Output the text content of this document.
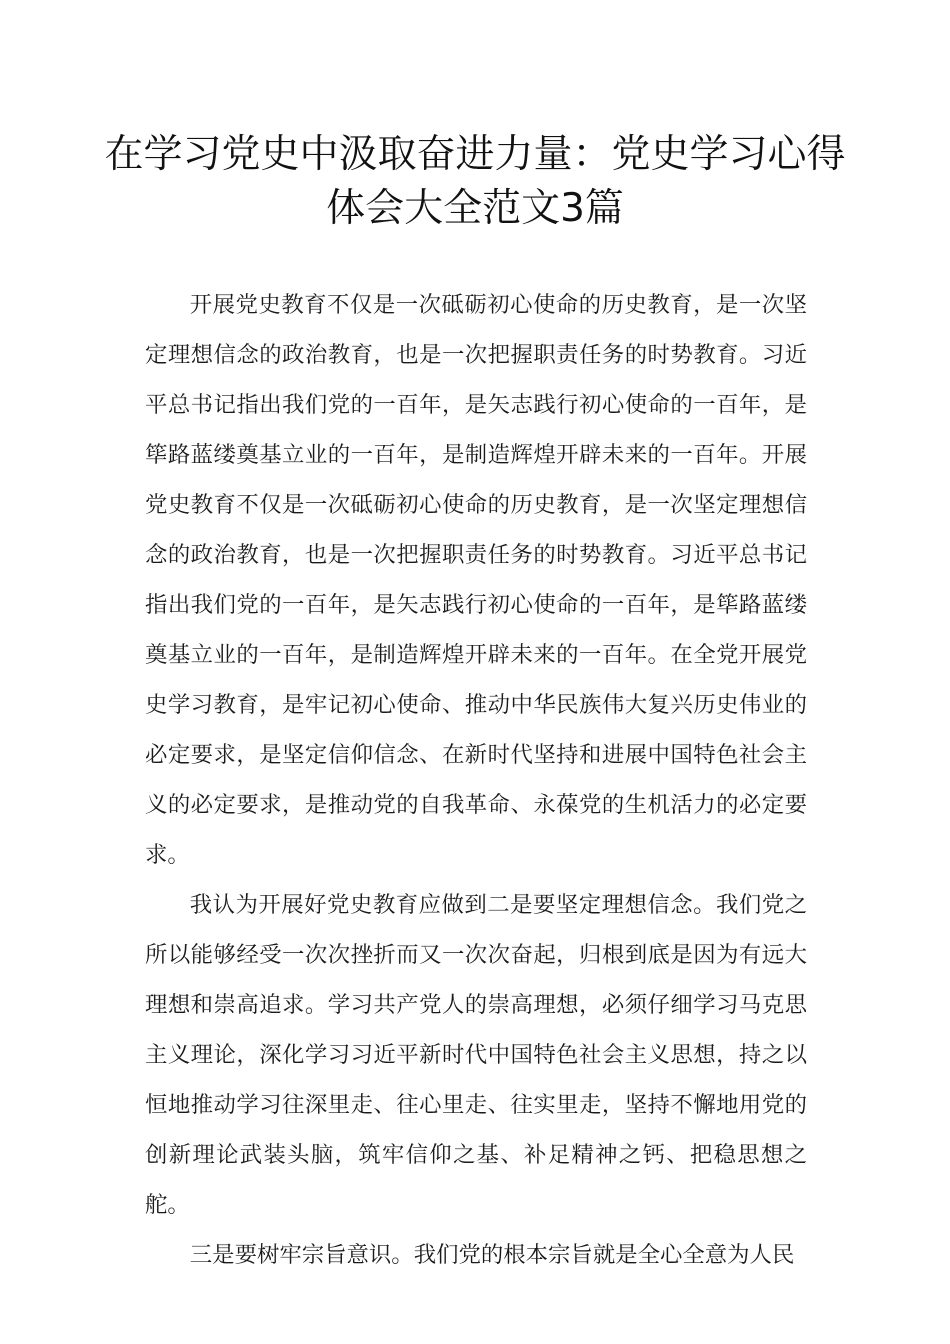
在学习党史中汲取奋进力量：党史学习心得体会大全范文3篇

开展党史教育不仅是一次砥砺初心使命的历史教育，是一次坚定理想信念的政治教育，也是一次把握职责任务的时势教育。习近平总书记指出我们党的一百年，是矢志践行初心使命的一百年，是筚路蓝缕奠基立业的一百年，是制造辉煌开辟未来的一百年。开展党史教育不仅是一次砥砺初心使命的历史教育，是一次坚定理想信念的政治教育，也是一次把握职责任务的时势教育。习近平总书记指出我们党的一百年，是矢志践行初心使命的一百年，是筚路蓝缕奠基立业的一百年，是制造辉煌开辟未来的一百年。在全党开展党史学习教育，是牢记初心使命、推动中华民族伟大复兴历史伟业的必定要求，是坚定信仰信念、在新时代坚持和进展中国特色社会主义的必定要求，是推动党的自我革命、永葆党的生机活力的必定要求。

我认为开展好党史教育应做到二是要坚定理想信念。我们党之所以能够经受一次次挫折而又一次次奋起，归根到底是因为有远大理想和崇高追求。学习共产党人的崇高理想，必须仔细学习马克思主义理论，深化学习习近平新时代中国特色社会主义思想，持之以恒地推动学习往深里走、往心里走、往实里走，坚持不懈地用党的创新理论武装头脑，筑牢信仰之基、补足精神之钙、把稳思想之舵。

三是要树牢宗旨意识。我们党的根本宗旨就是全心全意为人民
